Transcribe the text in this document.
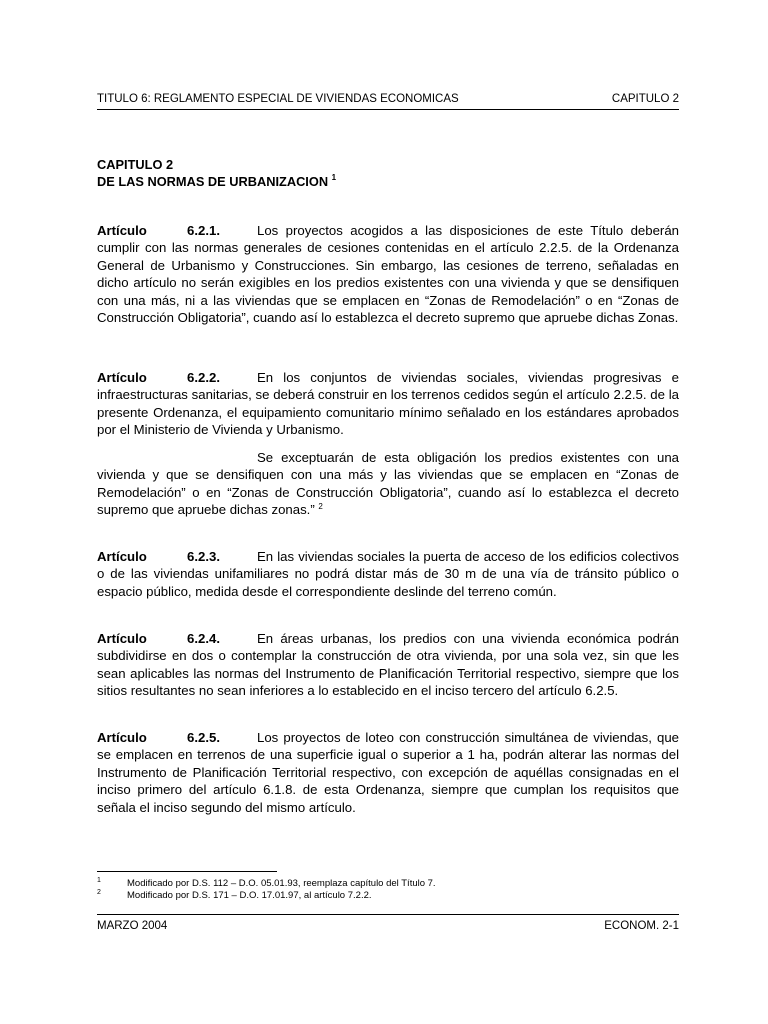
TITULO 6: REGLAMENTO ESPECIAL DE VIVIENDAS ECONOMICAS	CAPITULO 2
CAPITULO 2
DE LAS NORMAS DE URBANIZACION $^1$
Artículo	6.2.1.	Los proyectos acogidos a las disposiciones de este Título deberán cumplir con las normas generales de cesiones contenidas en el artículo 2.2.5. de la Ordenanza General de Urbanismo y Construcciones. Sin embargo, las cesiones de terreno, señaladas en dicho artículo no serán exigibles en los predios existentes con una vivienda y que se densifiquen con una más, ni a las viviendas que se emplacen en “Zonas de Remodelación” o en “Zonas de Construcción Obligatoria”, cuando así lo establezca el decreto supremo que apruebe dichas Zonas.
Artículo	6.2.2.	En los conjuntos de viviendas sociales, viviendas progresivas e infraestructuras sanitarias, se deberá construir en los terrenos cedidos según el artículo 2.2.5. de la presente Ordenanza, el equipamiento comunitario mínimo señalado en los estándares aprobados por el Ministerio de Vivienda y Urbanismo.
Se exceptuarán de esta obligación los predios existentes con una vivienda y que se densifiquen con una más y las viviendas que se emplacen en “Zonas de Remodelación” o en “Zonas de Construcción Obligatoria”, cuando así lo establezca el decreto supremo que apruebe dichas zonas.” $^2$
Artículo	6.2.3.	En las viviendas sociales la puerta de acceso de los edificios colectivos o de las viviendas unifamiliares no podrá distar más de 30 m de una vía de tránsito público o espacio público, medida desde el correspondiente deslinde del terreno común.
Artículo	6.2.4.	En áreas urbanas, los predios con una vivienda económica podrán subdividirse en dos o contemplar la construcción de otra vivienda, por una sola vez, sin que les sean aplicables las normas del Instrumento de Planificación Territorial respectivo, siempre que los sitios resultantes no sean inferiores a lo establecido en el inciso tercero del artículo 6.2.5.
Artículo	6.2.5.	Los proyectos de loteo con construcción simultánea de viviendas, que se emplacen en terrenos de una superficie igual o superior a 1 ha, podrán alterar las normas del Instrumento de Planificación Territorial respectivo, con excepción de aquéllas consignadas en el inciso primero del artículo 6.1.8. de esta Ordenanza, siempre que cumplan los requisitos que señala el inciso segundo del mismo artículo.
1	Modificado por D.S. 112 – D.O. 05.01.93, reemplaza capítulo del Título 7.
2	Modificado por D.S. 171 – D.O. 17.01.97, al artículo 7.2.2.
MARZO 2004	ECONOM. 2-1
